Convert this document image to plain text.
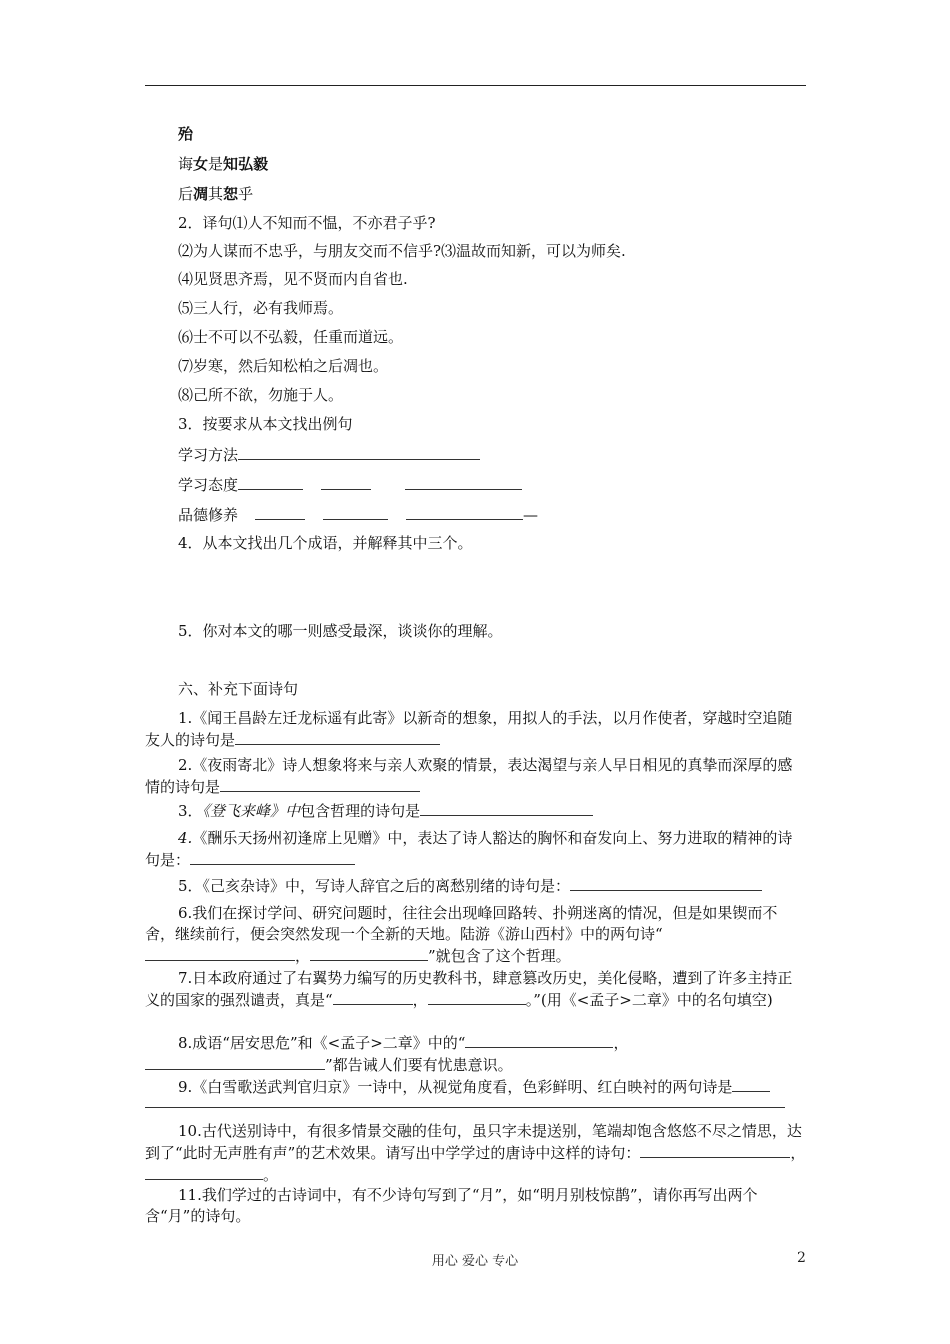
殆
诲女是知弘毅
后凋其恕乎
2．译句⑴人不知而不愠，不亦君子乎?
⑵为人谋而不忠乎，与朋友交而不信乎?⑶温故而知新，可以为师矣.
⑷见贤思齐焉，见不贤而内自省也.
⑸三人行，必有我师焉。
⑹士不可以不弘毅，任重而道远。
⑺岁寒，然后知松柏之后凋也。
⑻己所不欲，勿施于人。
3．按要求从本文找出例句
学习方法
学习态度
品德修养	—
4．从本文找出几个成语，并解释其中三个。
5．你对本文的哪一则感受最深，谈谈你的理解。
六、补充下面诗句
1.《闻王昌龄左迁龙标遥有此寄》以新奇的想象，用拟人的手法，以月作使者，穿越时空追随友人的诗句是
2.《夜雨寄北》诗人想象将来与亲人欢聚的情景，表达渴望与亲人早日相见的真挚而深厚的感情的诗句是
3．《登飞来峰》中包含哲理的诗句是
4.《酬乐天扬州初逢席上见赠》中，表达了诗人豁达的胸怀和奋发向上、努力进取的精神的诗句是：
5．《己亥杂诗》中，写诗人辞官之后的离愁别绪的诗句是：
6.我们在探讨学问、研究问题时，往往会出现峰回路转、扑朔迷离的情况，但是如果锲而不舍，继续前行，便会突然发现一个全新的天地。陆游《游山西村》中的两句诗“，	”就包含了这个哲理。
7.日本政府通过了右翼势力编写的历史教科书，肆意篡改历史，美化侵略，遭到了许多主持正义的国家的强烈谴责，真是“	，	。”(用《<孟子>二章》中的名句填空)
8.成语“居安思危”和《<孟子>二章》中的“	，”都告诫人们要有忧患意识。
9.《白雪歌送武判官归京》一诗中，从视觉角度看，色彩鲜明、红白映衬的两句诗是
10.古代送别诗中，有很多情景交融的佳句，虽只字未提送别，笔端却饱含悠悠不尽之情思，达到了“此时无声胜有声”的艺术效果。请写出中学学过的唐诗中这样的诗句：	，。
11.我们学过的古诗词中，有不少诗句写到了“月”，如“明月别枝惊鹊”，请你再写出两个含“月”的诗句。
用心 爱心 专心	2
